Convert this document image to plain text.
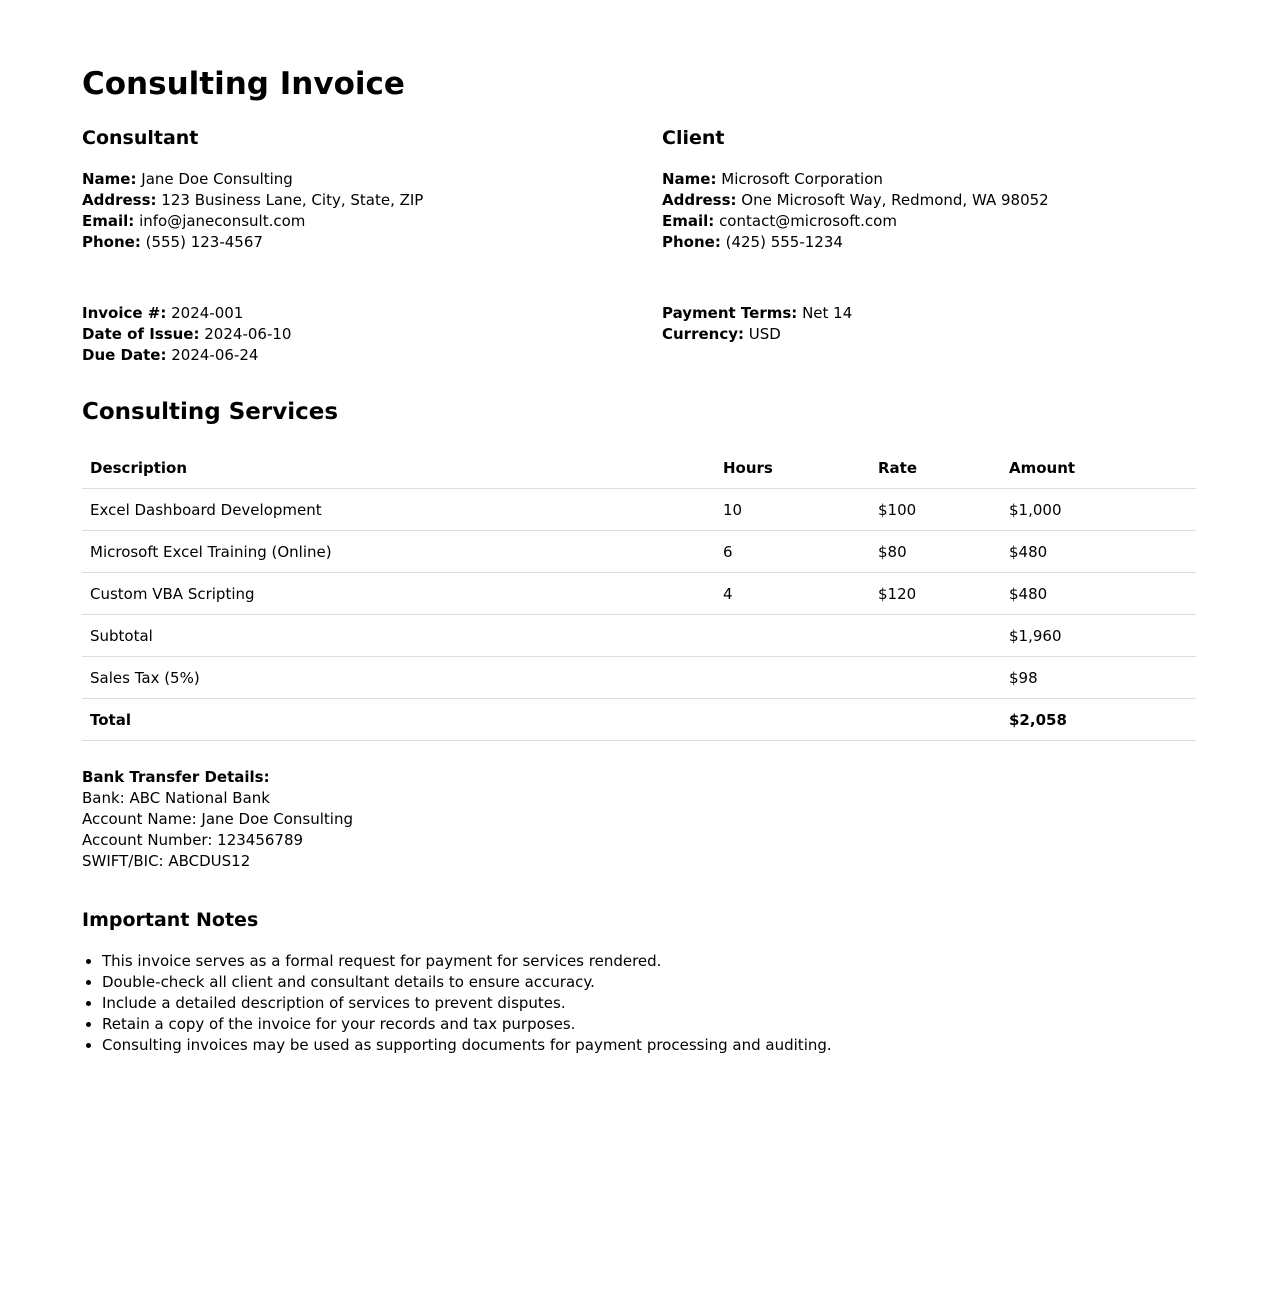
Consulting Invoice
Consultant
Name: Jane Doe Consulting
Address: 123 Business Lane, City, State, ZIP
Email: info@janeconsult.com
Phone: (555) 123-4567
Client
Name: Microsoft Corporation
Address: One Microsoft Way, Redmond, WA 98052
Email: contact@microsoft.com
Phone: (425) 555-1234
Invoice #: 2024-001
Date of Issue: 2024-06-10
Due Date: 2024-06-24
Payment Terms: Net 14
Currency: USD
Consulting Services
Description	Hours	Rate	Amount
Excel Dashboard Development	10	$100	$1,000
Microsoft Excel Training (Online)	6	$80	$480
Custom VBA Scripting	4	$120	$480
Subtotal			$1,960
Sales Tax (5%)			$98
Total			$2,058
Bank Transfer Details:
Bank: ABC National Bank
Account Name: Jane Doe Consulting
Account Number: 123456789
SWIFT/BIC: ABCDUS12
Important Notes
• This invoice serves as a formal request for payment for services rendered.
• Double-check all client and consultant details to ensure accuracy.
• Include a detailed description of services to prevent disputes.
• Retain a copy of the invoice for your records and tax purposes.
• Consulting invoices may be used as supporting documents for payment processing and auditing.
